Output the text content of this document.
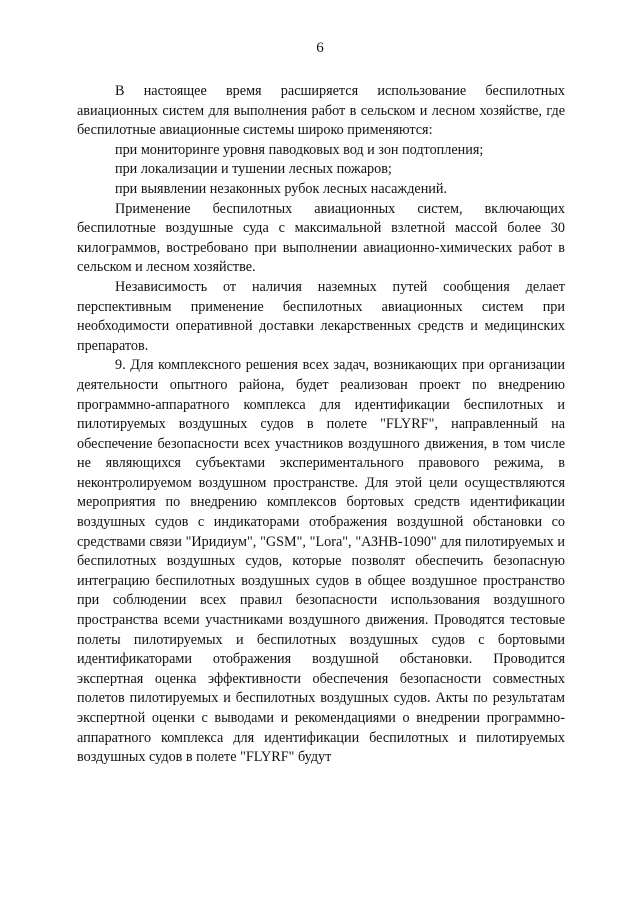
6

В настоящее время расширяется использование беспилотных авиационных систем для выполнения работ в сельском и лесном хозяйстве, где беспилотные авиационные системы широко применяются:

при мониторинге уровня паводковых вод и зон подтопления;

при локализации и тушении лесных пожаров;

при выявлении незаконных рубок лесных насаждений.

Применение беспилотных авиационных систем, включающих беспилотные воздушные суда с максимальной взлетной массой более 30 килограммов, востребовано при выполнении авиационно-химических работ в сельском и лесном хозяйстве.

Независимость от наличия наземных путей сообщения делает перспективным применение беспилотных авиационных систем при необходимости оперативной доставки лекарственных средств и медицинских препаратов.

9. Для комплексного решения всех задач, возникающих при организации деятельности опытного района, будет реализован проект по внедрению программно-аппаратного комплекса для идентификации беспилотных и пилотируемых воздушных судов в полете "FLYRF", направленный на обеспечение безопасности всех участников воздушного движения, в том числе не являющихся субъектами экспериментального правового режима, в неконтролируемом воздушном пространстве. Для этой цели осуществляются мероприятия по внедрению комплексов бортовых средств идентификации воздушных судов с индикаторами отображения воздушной обстановки со средствами связи "Иридиум", "GSM", "Lora", "АЗНВ-1090" для пилотируемых и беспилотных воздушных судов, которые позволят обеспечить безопасную интеграцию беспилотных воздушных судов в общее воздушное пространство при соблюдении всех правил безопасности использования воздушного пространства всеми участниками воздушного движения. Проводятся тестовые полеты пилотируемых и беспилотных воздушных судов с бортовыми идентификаторами отображения воздушной обстановки. Проводится экспертная оценка эффективности обеспечения безопасности совместных полетов пилотируемых и беспилотных воздушных судов. Акты по результатам экспертной оценки с выводами и рекомендациями о внедрении программно-аппаратного комплекса для идентификации беспилотных и пилотируемых воздушных судов в полете "FLYRF" будут
